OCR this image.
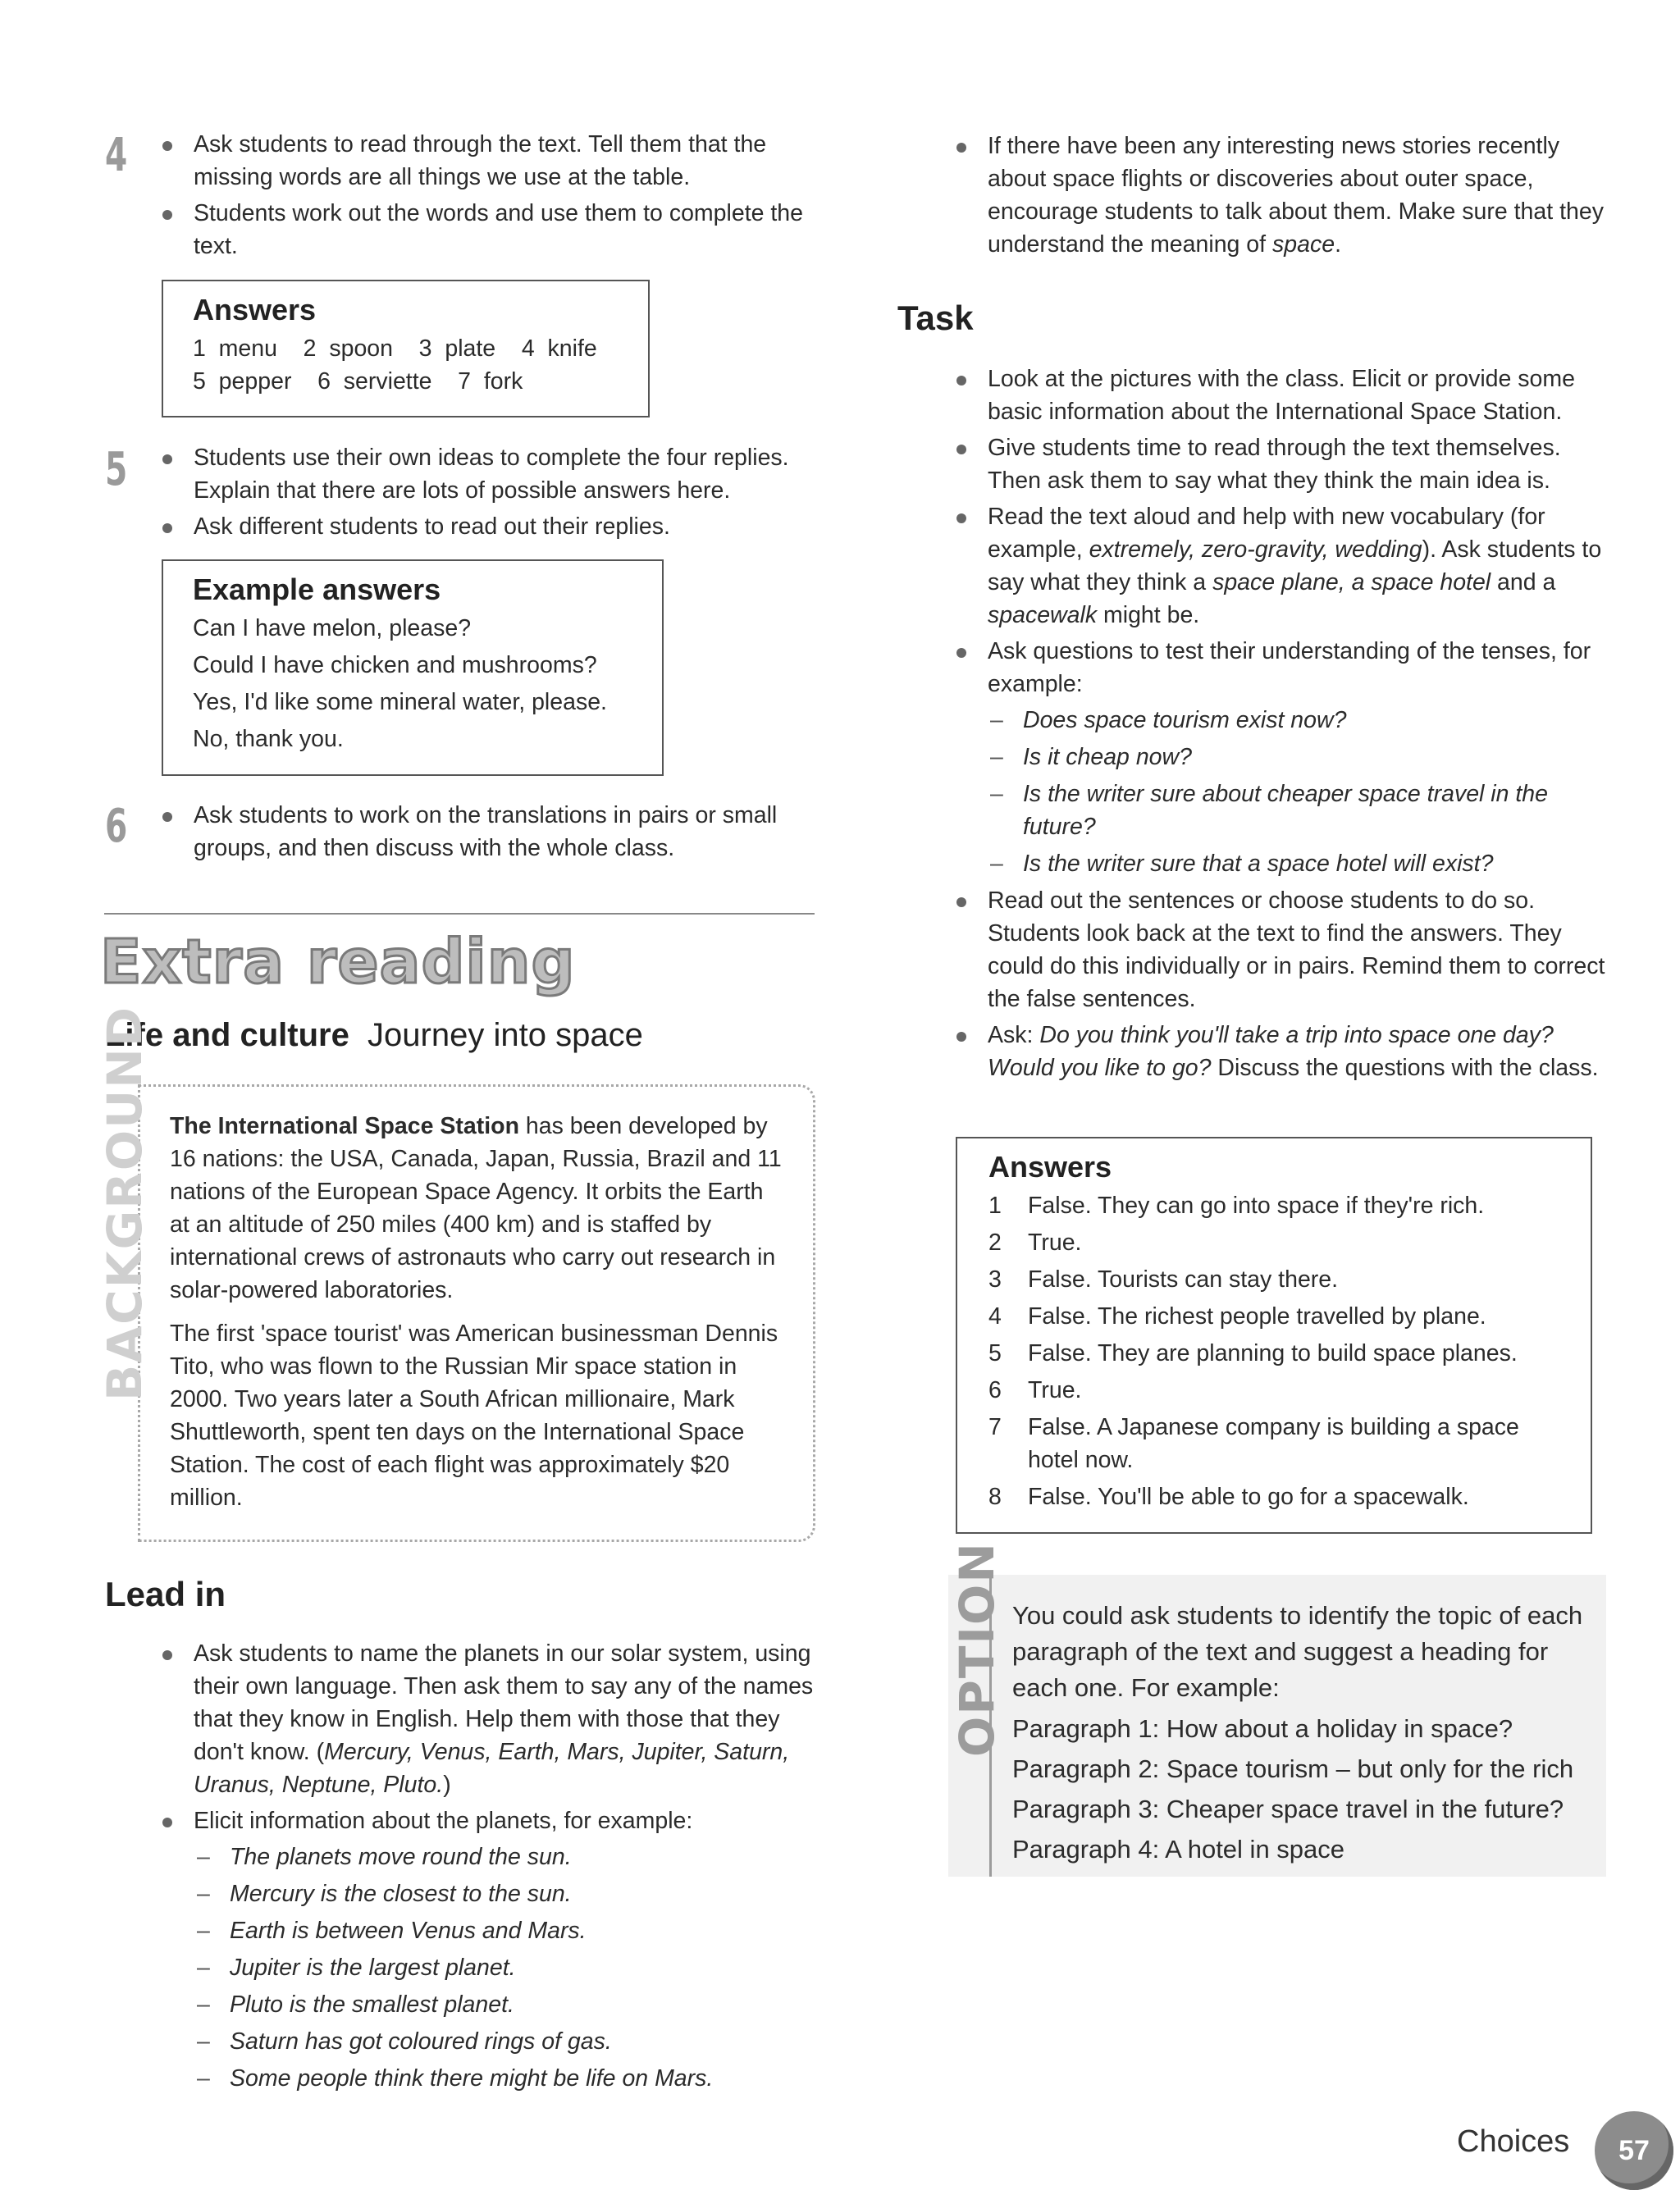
4	Ask students to read through the text. Tell them that the missing words are all things we use at the table.
Students work out the words and use them to complete the text.
Answers
1  menu    2  spoon    3  plate    4  knife
5  pepper    6  serviette    7  fork
5	Students use their own ideas to complete the four replies. Explain that there are lots of possible answers here.
Ask different students to read out their replies.
Example answers
Can I have melon, please?
Could I have chicken and mushrooms?
Yes, I'd like some mineral water, please.
No, thank you.
6	Ask students to work on the translations in pairs or small groups, and then discuss with the whole class.
Extra reading
Life and culture Journey into space
BACKGROUND The International Space Station has been developed by 16 nations: the USA, Canada, Japan, Russia, Brazil and 11 nations of the European Space Agency. It orbits the Earth at an altitude of 250 miles (400 km) and is staffed by international crews of astronauts who carry out research in solar-powered laboratories.
The first 'space tourist' was American businessman Dennis Tito, who was flown to the Russian Mir space station in 2000. Two years later a South African millionaire, Mark Shuttleworth, spent ten days on the International Space Station. The cost of each flight was approximately $20 million.
Lead in
Ask students to name the planets in our solar system, using their own language. Then ask them to say any of the names that they know in English. Help them with those that they don't know. (Mercury, Venus, Earth, Mars, Jupiter, Saturn, Uranus, Neptune, Pluto.)
Elicit information about the planets, for example:
– The planets move round the sun.
– Mercury is the closest to the sun.
– Earth is between Venus and Mars.
– Jupiter is the largest planet.
– Pluto is the smallest planet.
– Saturn has got coloured rings of gas.
– Some people think there might be life on Mars.
If there have been any interesting news stories recently about space flights or discoveries about outer space, encourage students to talk about them. Make sure that they understand the meaning of space.
Task
Look at the pictures with the class. Elicit or provide some basic information about the International Space Station.
Give students time to read through the text themselves. Then ask them to say what they think the main idea is.
Read the text aloud and help with new vocabulary (for example, extremely, zero-gravity, wedding). Ask students to say what they think a space plane, a space hotel and a spacewalk might be.
Ask questions to test their understanding of the tenses, for example:
– Does space tourism exist now?
– Is it cheap now?
– Is the writer sure about cheaper space travel in the future?
– Is the writer sure that a space hotel will exist?
Read out the sentences or choose students to do so. Students look back at the text to find the answers. They could do this individually or in pairs. Remind them to correct the false sentences.
Ask: Do you think you'll take a trip into space one day? Would you like to go? Discuss the questions with the class.
Answers
1	False. They can go into space if they're rich.
2	True.
3	False. Tourists can stay there.
4	False. The richest people travelled by plane.
5	False. They are planning to build space planes.
6	True.
7	False. A Japanese company is building a space hotel now.
8	False. You'll be able to go for a spacewalk.
OPTION You could ask students to identify the topic of each paragraph of the text and suggest a heading for each one. For example:
Paragraph 1: How about a holiday in space?
Paragraph 2: Space tourism – but only for the rich
Paragraph 3: Cheaper space travel in the future?
Paragraph 4: A hotel in space
Choices 57
